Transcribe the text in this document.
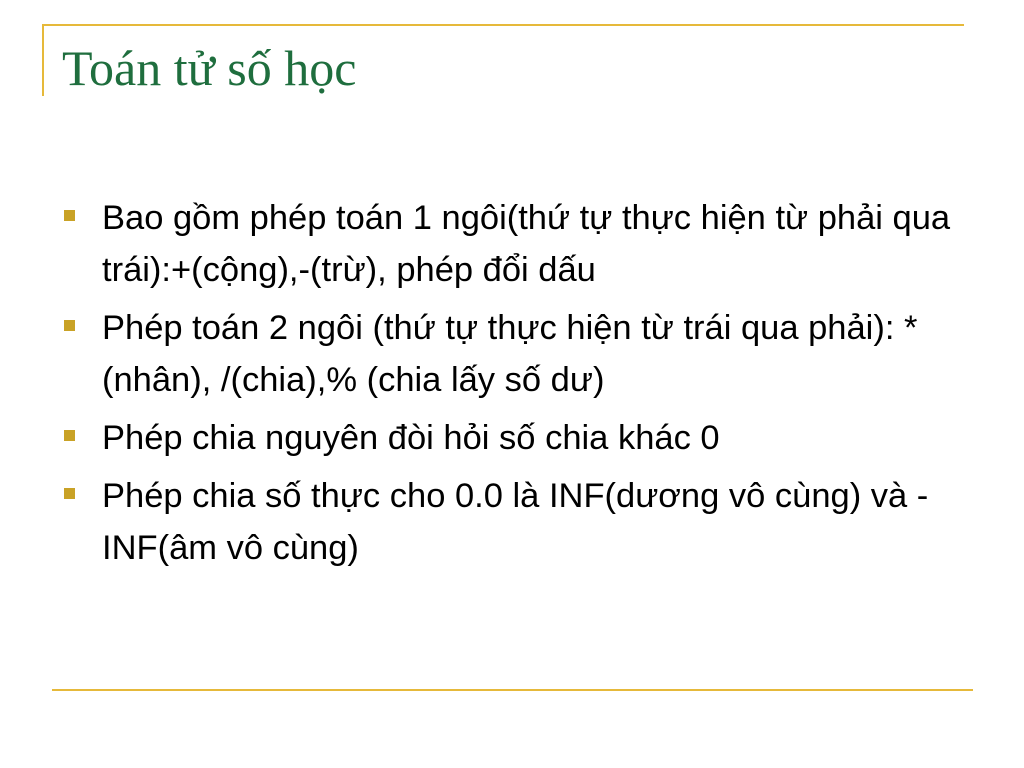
Toán tử số học
Bao gồm phép toán 1 ngôi(thứ tự thực hiện từ phải qua trái):+(cộng),-(trừ), phép đổi dấu
Phép toán 2 ngôi (thứ tự thực hiện từ trái qua phải): *(nhân), /(chia),% (chia lấy số dư)
Phép chia nguyên đòi hỏi số chia khác 0
Phép chia số thực cho 0.0 là INF(dương vô cùng) và -INF(âm vô cùng)
